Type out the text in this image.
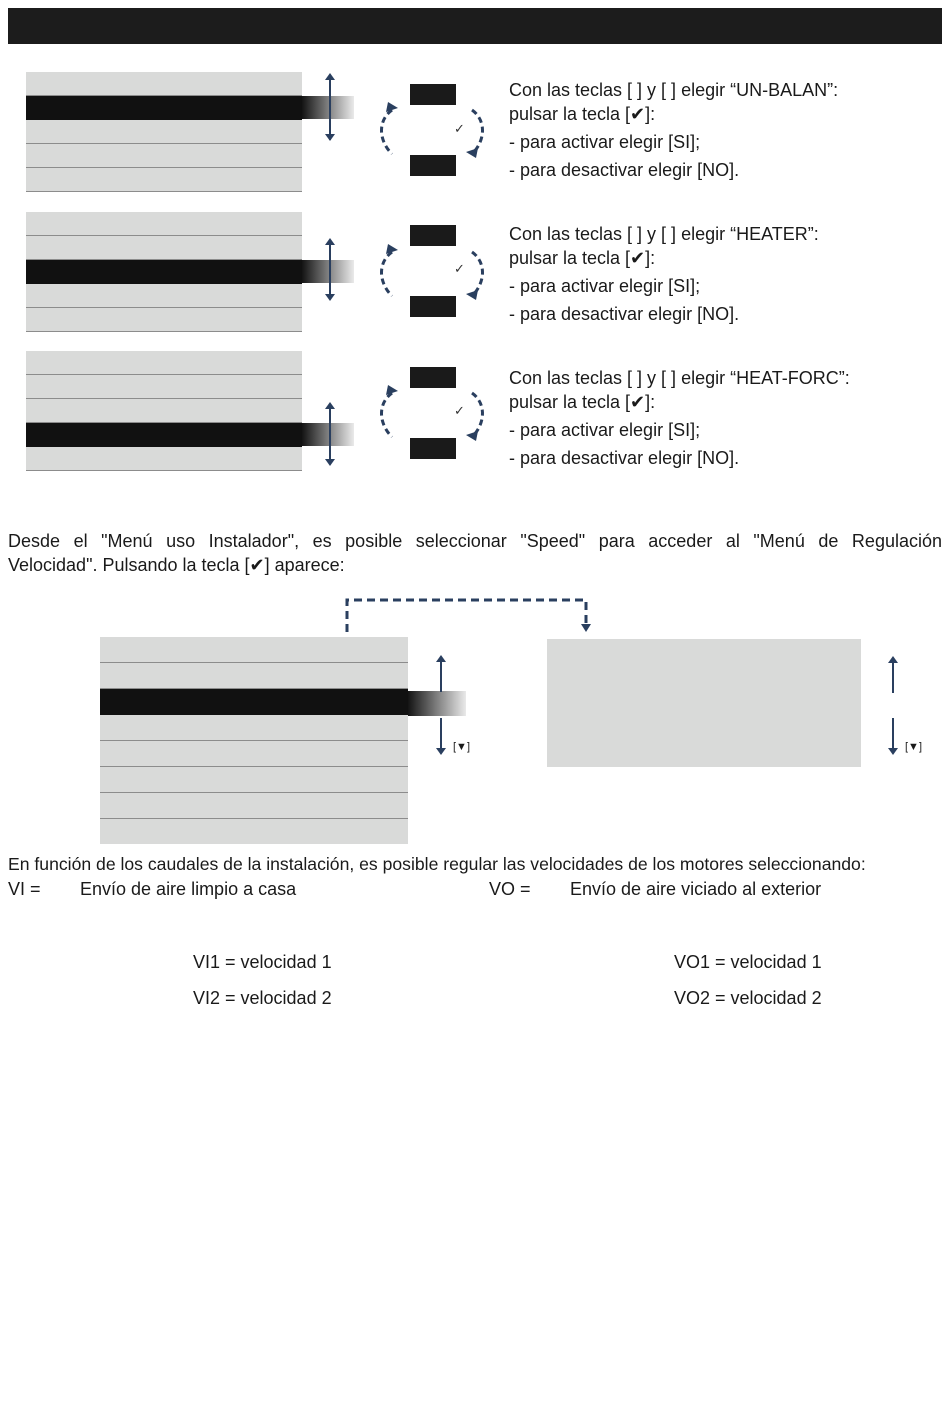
✓

Con las teclas [ ] y [ ] elegir “UN-BALAN”:

pulsar la tecla [✔]:

- para activar elegir [SI];

- para desactivar elegir [NO].

✓

Con las teclas [ ] y [ ] elegir “HEATER”:

pulsar la tecla [✔]:

- para activar elegir [SI];

- para desactivar elegir [NO].

✓

Con las teclas [ ] y [ ] elegir “HEAT-FORC”:

pulsar la tecla [✔]:

- para activar elegir [SI];

- para desactivar elegir [NO].

Desde el "Menú uso Instalador", es posible seleccionar "Speed" para acceder al "Menú de Regulación
Velocidad". Pulsando la tecla [✔] aparece:
[▼]	[▼]
En función de los caudales de la instalación, es posible regular las velocidades de los motores seleccionando:
VI = Envío de aire limpio a casa	VO = Envío de aire viciado al exterior
VI1 = velocidad 1
VI2 = velocidad 2
VO1 = velocidad 1
VO2 = velocidad 2
